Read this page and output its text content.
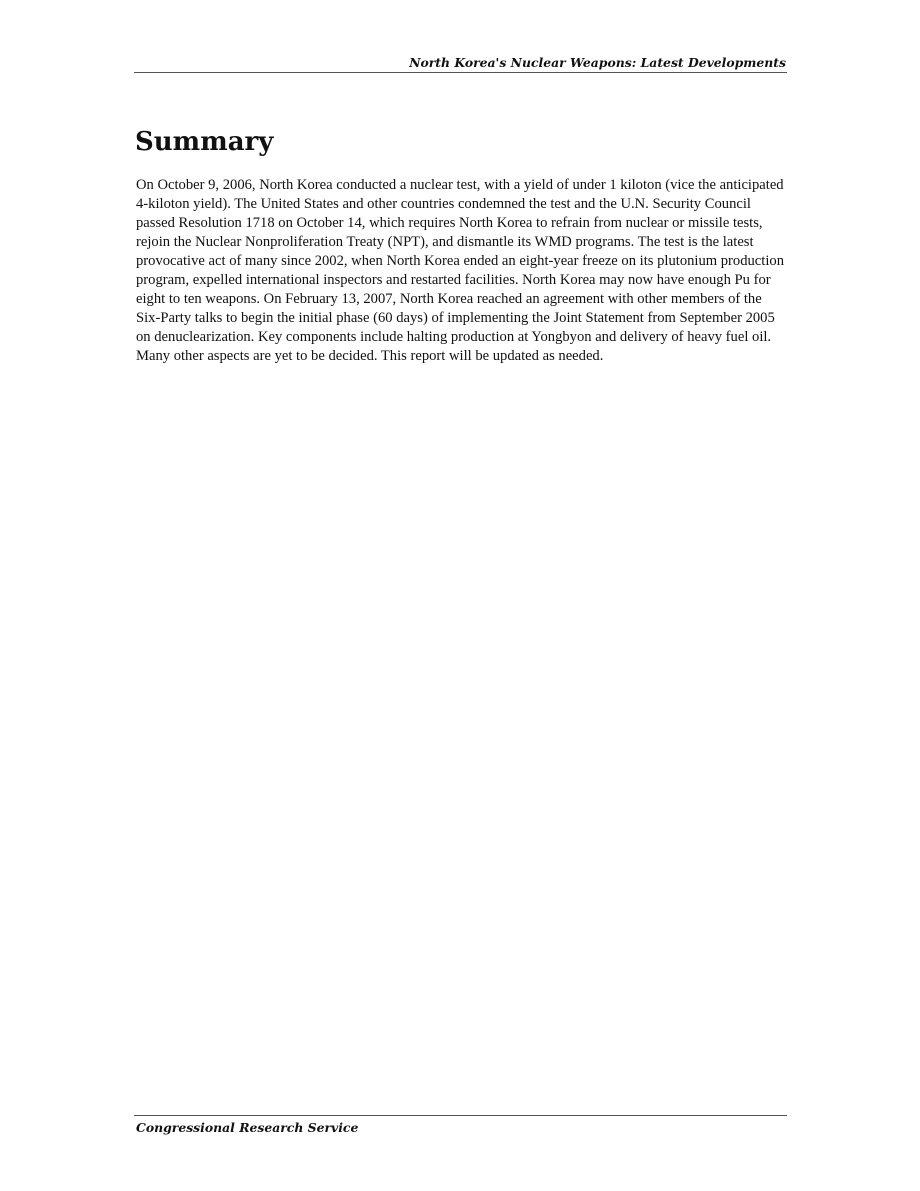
North Korea's Nuclear Weapons: Latest Developments
Summary

On October 9, 2006, North Korea conducted a nuclear test, with a yield of under 1 kiloton (vice the anticipated 4-kiloton yield). The United States and other countries condemned the test and the U.N. Security Council passed Resolution 1718 on October 14, which requires North Korea to refrain from nuclear or missile tests, rejoin the Nuclear Nonproliferation Treaty (NPT), and dismantle its WMD programs. The test is the latest provocative act of many since 2002, when North Korea ended an eight-year freeze on its plutonium production program, expelled international inspectors and restarted facilities. North Korea may now have enough Pu for eight to ten weapons. On February 13, 2007, North Korea reached an agreement with other members of the Six-Party talks to begin the initial phase (60 days) of implementing the Joint Statement from September 2005 on denuclearization. Key components include halting production at Yongbyon and delivery of heavy fuel oil. Many other aspects are yet to be decided. This report will be updated as needed.

Congressional Research Service
